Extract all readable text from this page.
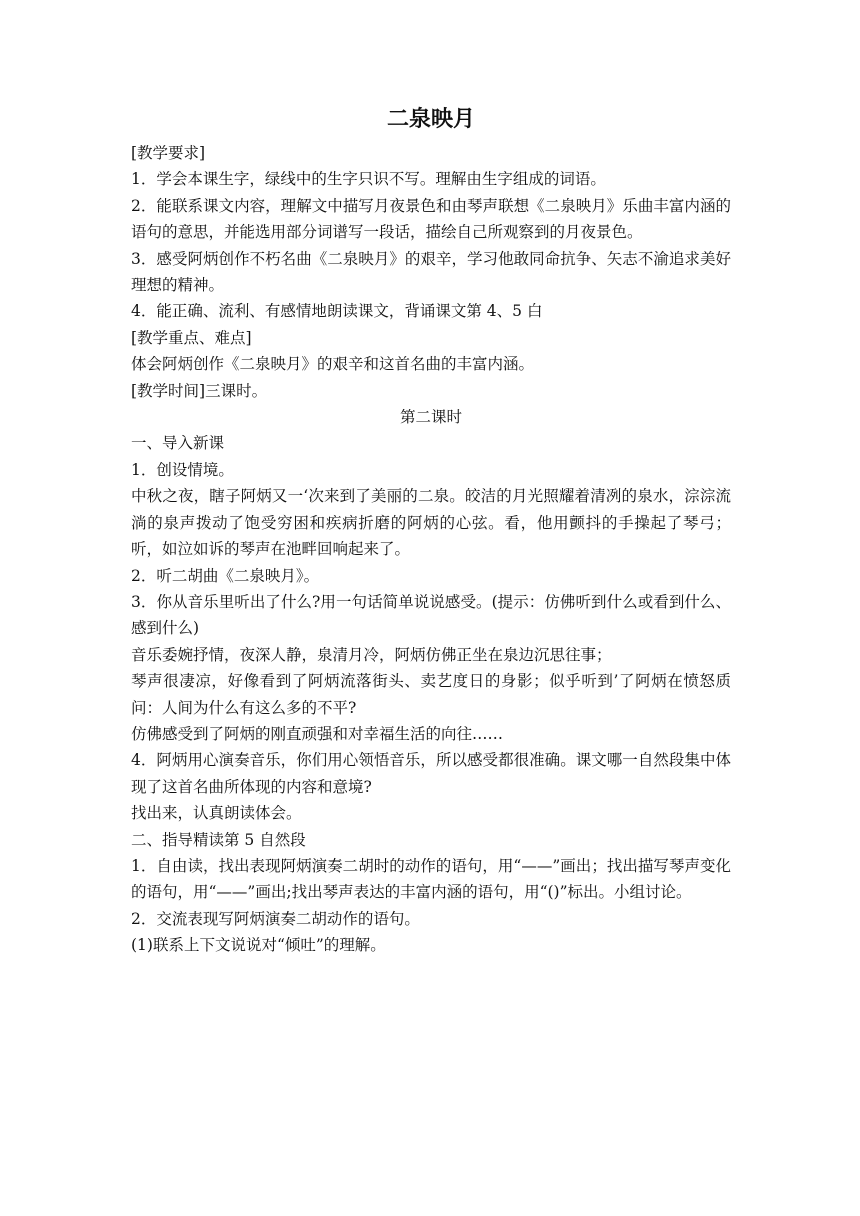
二泉映月

[教学要求]

1．学会本课生字，绿线中的生字只识不写。理解由生字组成的词语。

2．能联系课文内容，理解文中描写月夜景色和由琴声联想《二泉映月》乐曲丰富内涵的语句的意思，并能选用部分词谱写一段话，描绘自己所观察到的月夜景色。

3．感受阿炳创作不朽名曲《二泉映月》的艰辛，学习他敢同命抗争、矢志不渝追求美好理想的精神。

4．能正确、流利、有感情地朗读课文，背诵课文第 4、5 白

[教学重点、难点]

体会阿炳创作《二泉映月》的艰辛和这首名曲的丰富内涵。

[教学时间]三课时。

第二课时

一、导入新课

1．创设情境。

中秋之夜，瞎子阿炳又一‘次来到了美丽的二泉。皎洁的月光照耀着清冽的泉水，淙淙流淌的泉声拨动了饱受穷困和疾病折磨的阿炳的心弦。看，他用颤抖的手操起了琴弓；听，如泣如诉的琴声在池畔回响起来了。

2．听二胡曲《二泉映月》。

3．你从音乐里听出了什么?用一句话简单说说感受。(提示：仿佛听到什么或看到什么、感到什么)

音乐委婉抒情，夜深人静，泉清月冷，阿炳仿佛正坐在泉边沉思往事；

琴声很凄凉，好像看到了阿炳流落街头、卖艺度日的身影；似乎听到’了阿炳在愤怒质问：人间为什么有这么多的不平?

仿佛感受到了阿炳的刚直顽强和对幸福生活的向往……

4．阿炳用心演奏音乐，你们用心领悟音乐，所以感受都很准确。课文哪一自然段集中体现了这首名曲所体现的内容和意境?

找出来，认真朗读体会。

二、指导精读第 5 自然段

1．自由读，找出表现阿炳演奏二胡时的动作的语句，用“——”画出；找出描写琴声变化的语句，用“——”画出;找出琴声表达的丰富内涵的语句，用“()”标出。小组讨论。

2．交流表现写阿炳演奏二胡动作的语句。

(1)联系上下文说说对“倾吐”的理解。
